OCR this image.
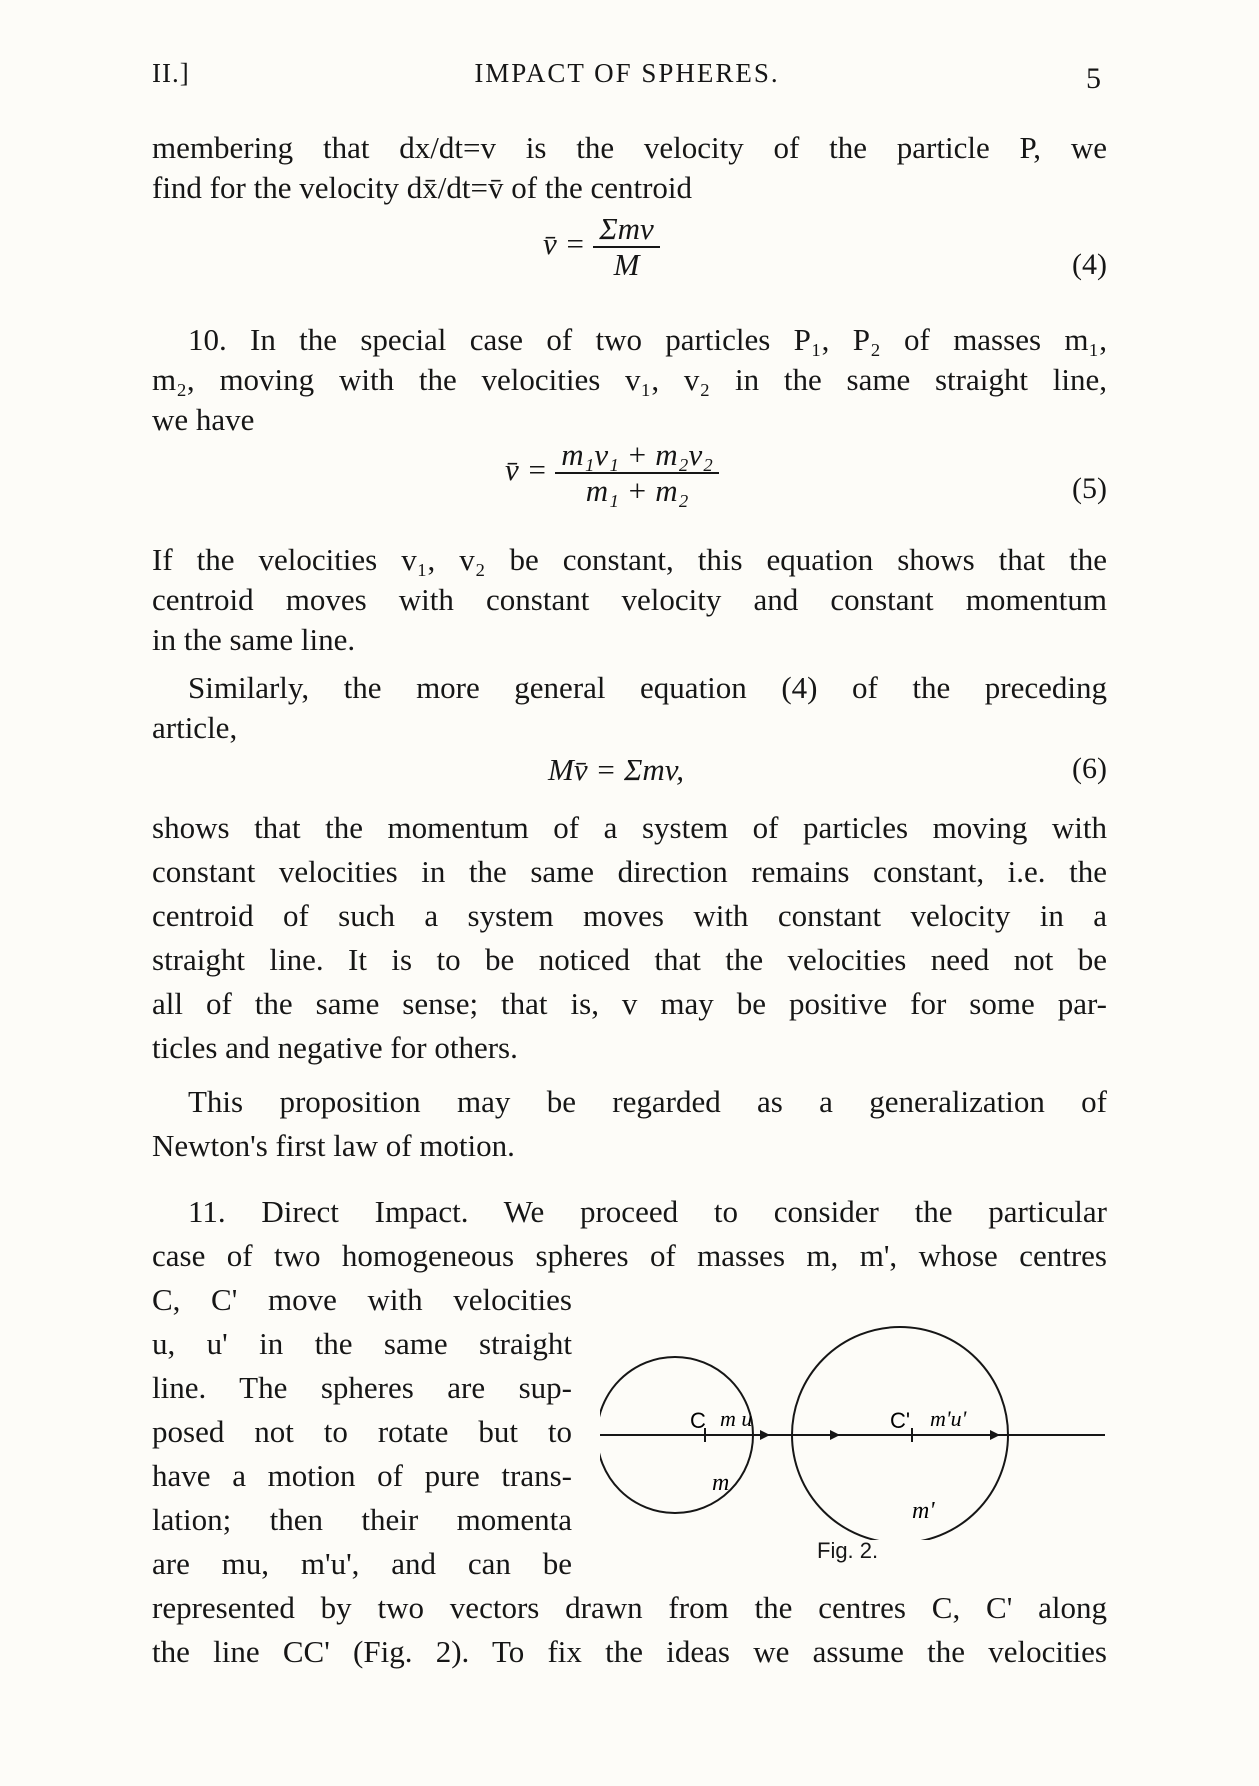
II.]	IMPACT OF SPHERES.	5
membering that dx/dt=v is the velocity of the particle P, we
find for the velocity dx̄/dt=v̄ of the centroid
v̄ = $\frac{\text{Σmv}}{M}$	(4)
10. In the special case of two particles P₁, P₂ of masses m₁,
m₂, moving with the velocities v₁, v₂ in the same straight line,
we have
v̄ = $\frac{\text{m₁v₁ + m₂v₂}}{\text{m₁ + m₂}}$	(5)
If the velocities v₁, v₂ be constant, this equation shows that the
centroid moves with constant velocity and constant momentum
in the same line.
Similarly, the more general equation (4) of the preceding
article,
Mv̄ = Σmv,	(6)
shows that the momentum of a system of particles moving with
constant velocities in the same direction remains constant, i.e. the
centroid of such a system moves with constant velocity in a
straight line. It is to be noticed that the velocities need not be
all of the same sense; that is, v may be positive for some par-
ticles and negative for others.
This proposition may be regarded as a generalization of
Newton's first law of motion.
11. Direct Impact. We proceed to consider the particular
case of two homogeneous spheres of masses m, m', whose centres
C, C' move with velocities
u, u' in the same straight
line. The spheres are sup-
posed not to rotate but to
have a motion of pure trans-
lation; then their momenta
are mu, m'u', and can be
represented by two vectors drawn from the centres C, C' along
the line CC' (Fig. 2). To fix the ideas we assume the velocities
C m u	C' m'u'
m
m'
Fig. 2.
